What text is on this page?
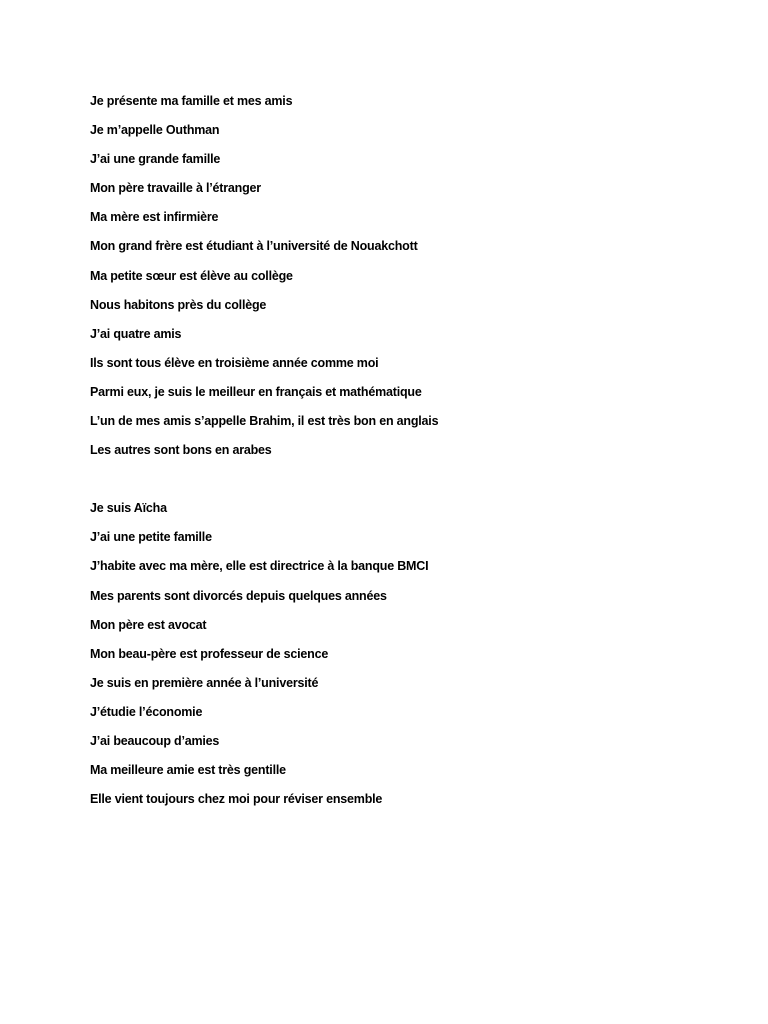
Je présente ma famille et mes amis
Je m’appelle Outhman
J’ai une grande famille
Mon père travaille à l’étranger
Ma mère est infirmière
Mon grand frère est étudiant à l’université de Nouakchott
Ma petite sœur est élève au collège
Nous habitons près du collège
J’ai quatre amis
Ils sont tous élève en troisième année comme moi
Parmi eux, je suis le meilleur en français et mathématique
L’un de mes amis s’appelle Brahim, il est très bon en anglais
Les autres sont bons en arabes
Je suis Aïcha
J’ai une petite famille
J’habite avec ma mère, elle est directrice à la banque BMCI
Mes parents sont divorcés depuis quelques années
Mon père est avocat
Mon beau-père est professeur de science
Je suis en première année à l’université
J’étudie l’économie
J’ai beaucoup d’amies
Ma meilleure amie est très gentille
Elle vient toujours chez moi pour réviser ensemble
